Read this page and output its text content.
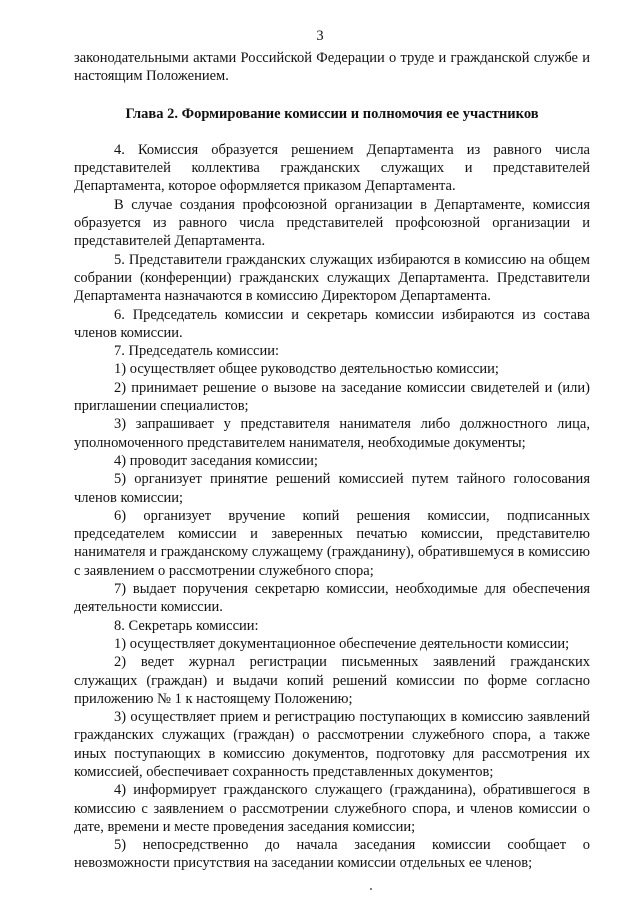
3

законодательными актами Российской Федерации о труде и гражданской службе и настоящим Положением.

Глава 2. Формирование комиссии и полномочия ее участников

4. Комиссия образуется решением Департамента из равного числа представителей коллектива гражданских служащих и представителей Департамента, которое оформляется приказом Департамента.

В случае создания профсоюзной организации в Департаменте, комиссия образуется из равного числа представителей профсоюзной организации и представителей Департамента.

5. Представители гражданских служащих избираются в комиссию на общем собрании (конференции) гражданских служащих Департамента. Представители Департамента назначаются в комиссию Директором Департамента.

6. Председатель комиссии и секретарь комиссии избираются из состава членов комиссии.

7. Председатель комиссии:

1) осуществляет общее руководство деятельностью комиссии;

2) принимает решение о вызове на заседание комиссии свидетелей и (или) приглашении специалистов;

3) запрашивает у представителя нанимателя либо должностного лица, уполномоченного представителем нанимателя, необходимые документы;

4) проводит заседания комиссии;

5) организует принятие решений комиссией путем тайного голосования членов комиссии;

6) организует вручение копий решения комиссии, подписанных председателем комиссии и заверенных печатью комиссии, представителю нанимателя и гражданскому служащему (гражданину), обратившемуся в комиссию с заявлением о рассмотрении служебного спора;

7) выдает поручения секретарю комиссии, необходимые для обеспечения деятельности комиссии.

8. Секретарь комиссии:

1) осуществляет документационное обеспечение деятельности комиссии;

2) ведет журнал регистрации письменных заявлений гражданских служащих (граждан) и выдачи копий решений комиссии по форме согласно приложению № 1 к настоящему Положению;

3) осуществляет прием и регистрацию поступающих в комиссию заявлений гражданских служащих (граждан) о рассмотрении служебного спора, а также иных поступающих в комиссию документов, подготовку для рассмотрения их комиссией, обеспечивает сохранность представленных документов;

4) информирует гражданского служащего (гражданина), обратившегося в комиссию с заявлением о рассмотрении служебного спора, и членов комиссии о дате, времени и месте проведения заседания комиссии;

5) непосредственно до начала заседания комиссии сообщает о невозможности присутствия на заседании комиссии отдельных ее членов;
